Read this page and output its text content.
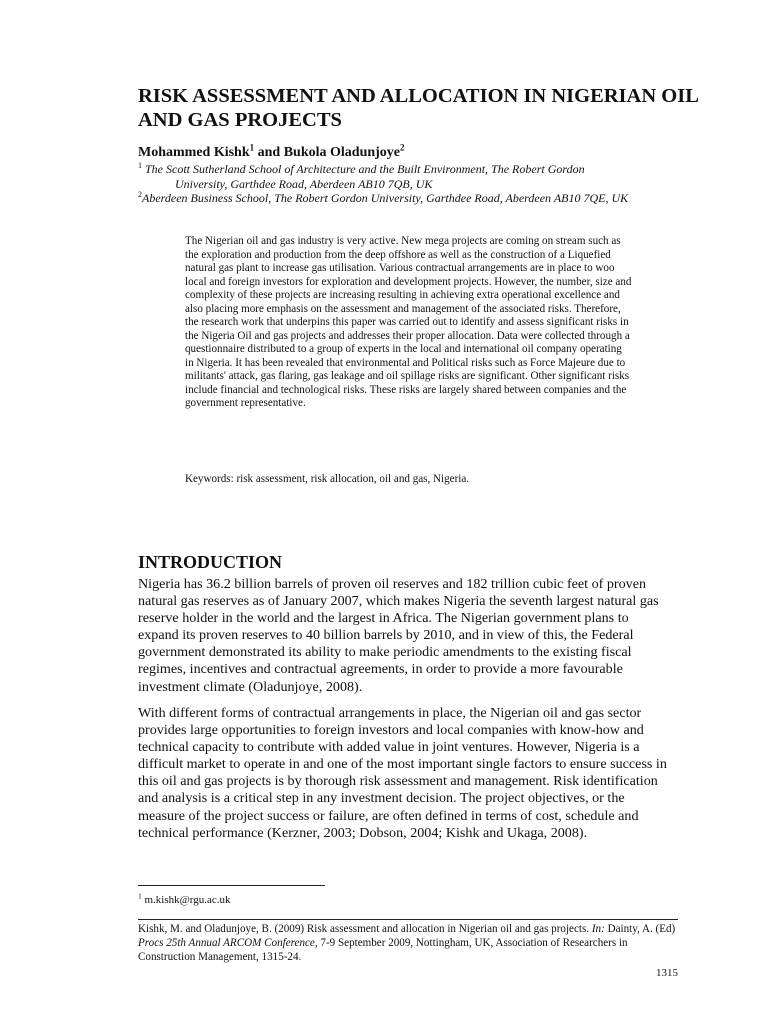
RISK ASSESSMENT AND ALLOCATION IN NIGERIAN OIL AND GAS PROJECTS
Mohammed Kishk$^1$ and Bukola Oladunjoye$^2$
$^1$ The Scott Sutherland School of Architecture and the Built Environment, The Robert Gordon
University, Garthdee Road, Aberdeen AB10 7QB, UK
$^2$Aberdeen Business School, The Robert Gordon University, Garthdee Road, Aberdeen AB10 7QE, UK

The Nigerian oil and gas industry is very active. New mega projects are coming on stream such as the exploration and production from the deep offshore as well as the construction of a Liquefied natural gas plant to increase gas utilisation. Various contractual arrangements are in place to woo local and foreign investors for exploration and development projects. However, the number, size and complexity of these projects are increasing resulting in achieving extra operational excellence and also placing more emphasis on the assessment and management of the associated risks. Therefore, the research work that underpins this paper was carried out to identify and assess significant risks in the Nigeria Oil and gas projects and addresses their proper allocation. Data were collected through a questionnaire distributed to a group of experts in the local and international oil company operating in Nigeria. It has been revealed that environmental and Political risks such as Force Majeure due to militants' attack, gas flaring, gas leakage and oil spillage risks are significant. Other significant risks include financial and technological risks. These risks are largely shared between companies and the government representative.

Keywords: risk assessment, risk allocation, oil and gas, Nigeria.

INTRODUCTION

Nigeria has 36.2 billion barrels of proven oil reserves and 182 trillion cubic feet of proven natural gas reserves as of January 2007, which makes Nigeria the seventh largest natural gas reserve holder in the world and the largest in Africa. The Nigerian government plans to expand its proven reserves to 40 billion barrels by 2010, and in view of this, the Federal government demonstrated its ability to make periodic amendments to the existing fiscal regimes, incentives and contractual agreements, in order to provide a more favourable investment climate (Oladunjoye, 2008).

With different forms of contractual arrangements in place, the Nigerian oil and gas sector provides large opportunities to foreign investors and local companies with know-how and technical capacity to contribute with added value in joint ventures. However, Nigeria is a difficult market to operate in and one of the most important single factors to ensure success in this oil and gas projects is by thorough risk assessment and management. Risk identification and analysis is a critical step in any investment decision. The project objectives, or the measure of the project success or failure, are often defined in terms of cost, schedule and technical performance (Kerzner, 2003; Dobson, 2004; Kishk and Ukaga, 2008).

$^1$ m.kishk@rgu.ac.uk

Kishk, M. and Oladunjoye, B. (2009) Risk assessment and allocation in Nigerian oil and gas projects. In: Dainty, A. (Ed) Procs 25th Annual ARCOM Conference, 7-9 September 2009, Nottingham, UK, Association of Researchers in Construction Management, 1315-24.

1315
